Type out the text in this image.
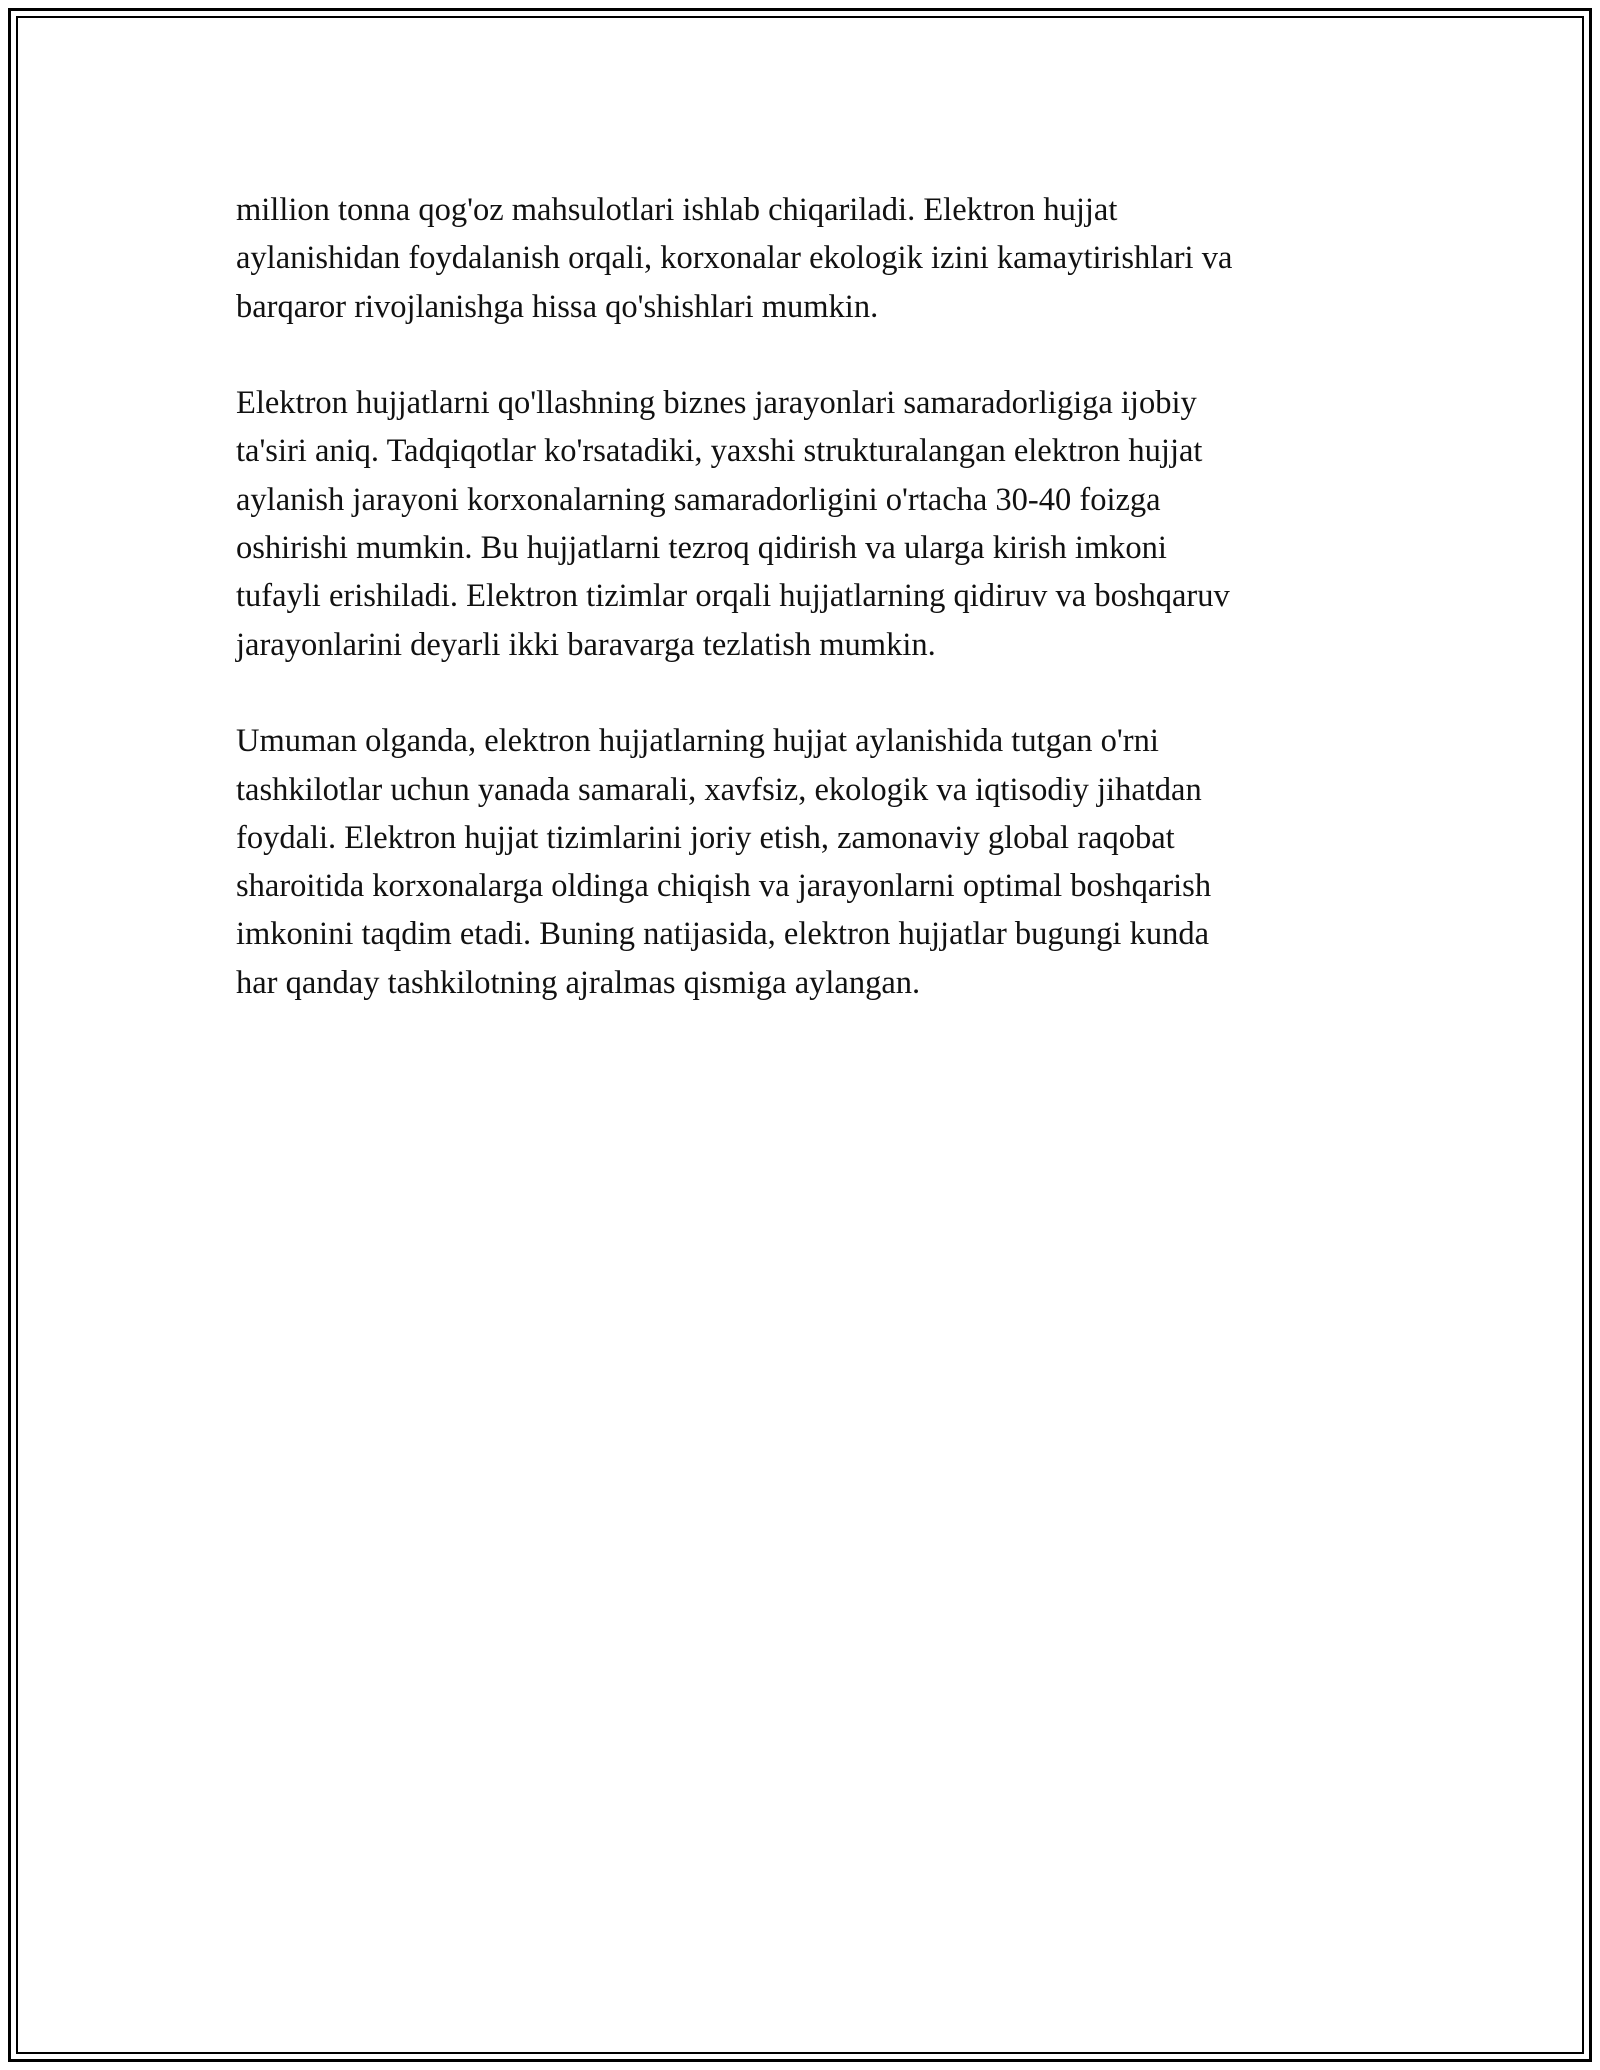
million tonna qog'oz mahsulotlari ishlab chiqariladi. Elektron hujjat
aylanishidan foydalanish orqali, korxonalar ekologik izini kamaytirishlari va
barqaror rivojlanishga hissa qo'shishlari mumkin.

Elektron hujjatlarni qo'llashning biznes jarayonlari samaradorligiga ijobiy
ta'siri aniq. Tadqiqotlar ko'rsatadiki, yaxshi strukturalangan elektron hujjat
aylanish jarayoni korxonalarning samaradorligini o'rtacha 30-40 foizga
oshirishi mumkin. Bu hujjatlarni tezroq qidirish va ularga kirish imkoni
tufayli erishiladi. Elektron tizimlar orqali hujjatlarning qidiruv va boshqaruv
jarayonlarini deyarli ikki baravarga tezlatish mumkin.

Umuman olganda, elektron hujjatlarning hujjat aylanishida tutgan o'rni
tashkilotlar uchun yanada samarali, xavfsiz, ekologik va iqtisodiy jihatdan
foydali. Elektron hujjat tizimlarini joriy etish, zamonaviy global raqobat
sharoitida korxonalarga oldinga chiqish va jarayonlarni optimal boshqarish
imkonini taqdim etadi. Buning natijasida, elektron hujjatlar bugungi kunda
har qanday tashkilotning ajralmas qismiga aylangan.
